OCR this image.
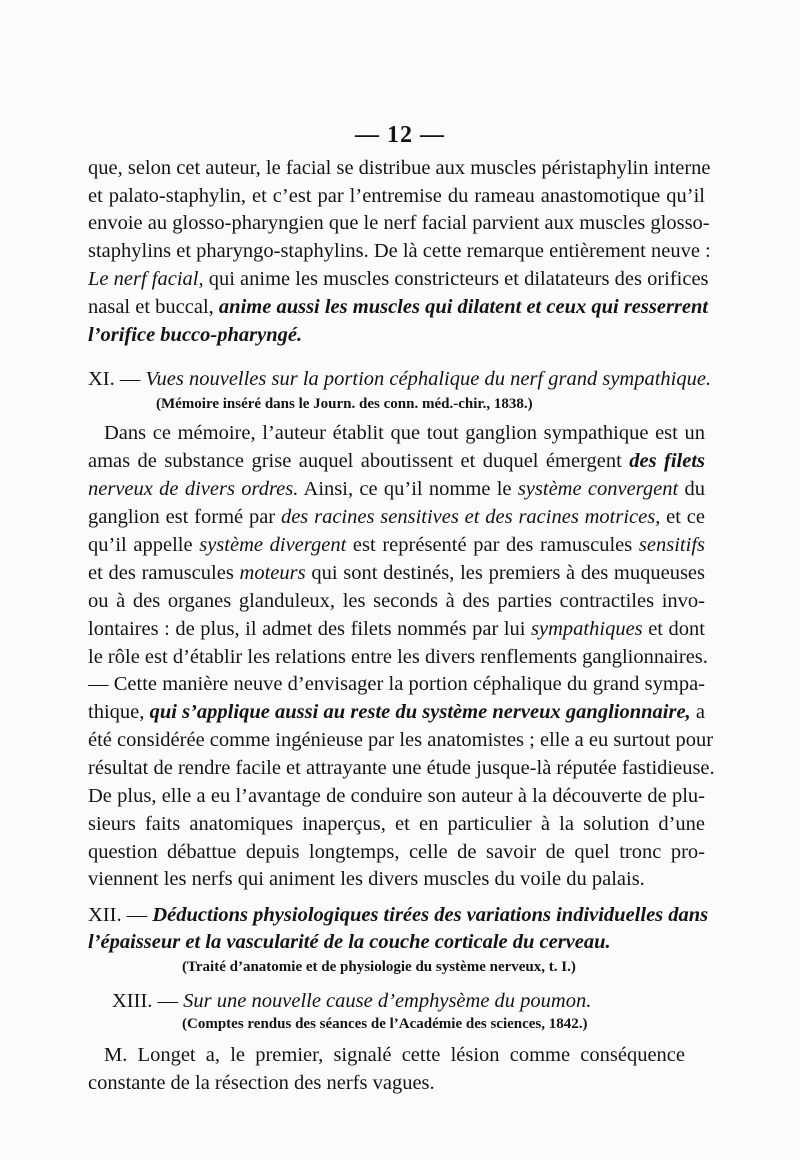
— 12 —
que, selon cet auteur, le facial se distribue aux muscles péristaphylin interne
et palato-staphylin, et c’est par l’entremise du rameau anastomotique qu’il
envoie au glosso-pharyngien que le nerf facial parvient aux muscles glosso-
staphylins et pharyngo-staphylins. De là cette remarque entièrement neuve :
Le nerf facial, qui anime les muscles constricteurs et dilatateurs des orifices
nasal et buccal, anime aussi les muscles qui dilatent et ceux qui resserrent
l’orifice bucco-pharyngé.
XI. — Vues nouvelles sur la portion céphalique du nerf grand sympathique.
(Mémoire inséré dans le Journ. des conn. méd.-chir., 1838.)
Dans ce mémoire, l’auteur établit que tout ganglion sympathique est un
amas de substance grise auquel aboutissent et duquel émergent des filets
nerveux de divers ordres. Ainsi, ce qu’il nomme le système convergent du
ganglion est formé par des racines sensitives et des racines motrices, et ce
qu’il appelle système divergent est représenté par des ramuscules sensitifs
et des ramuscules moteurs qui sont destinés, les premiers à des muqueuses
ou à des organes glanduleux, les seconds à des parties contractiles invo-
lontaires : de plus, il admet des filets nommés par lui sympathiques et dont
le rôle est d’établir les relations entre les divers renflements ganglionnaires.
— Cette manière neuve d’envisager la portion céphalique du grand sympa-
thique, qui s’applique aussi au reste du système nerveux ganglionnaire, a
été considérée comme ingénieuse par les anatomistes ; elle a eu surtout pour
résultat de rendre facile et attrayante une étude jusque-là réputée fastidieuse.
De plus, elle a eu l’avantage de conduire son auteur à la découverte de plu-
sieurs faits anatomiques inaperçus, et en particulier à la solution d’une
question débattue depuis longtemps, celle de savoir de quel tronc pro-
viennent les nerfs qui animent les divers muscles du voile du palais.
XII. — Déductions physiologiques tirées des variations individuelles dans
l’épaisseur et la vascularité de la couche corticale du cerveau.
(Traité d’anatomie et de physiologie du système nerveux, t. I.)
XIII. — Sur une nouvelle cause d’emphysème du poumon.
(Comptes rendus des séances de l’Académie des sciences, 1842.)
M. Longet a, le premier, signalé cette lésion comme conséquence
constante de la résection des nerfs vagues.
